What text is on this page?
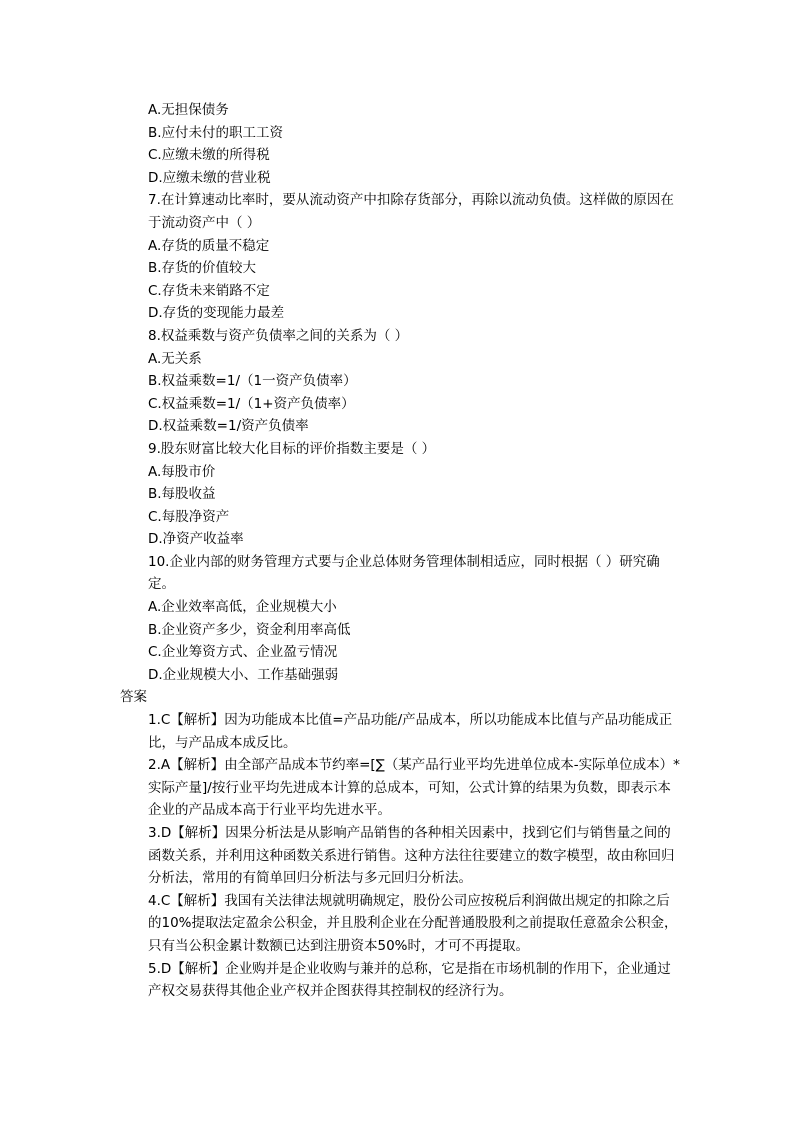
A.无担保债务
B.应付未付的职工工资
C.应缴未缴的所得税
D.应缴未缴的营业税
7.在计算速动比率时，要从流动资产中扣除存货部分，再除以流动负债。这样做的原因在于流动资产中（ ）
A.存货的质量不稳定
B.存货的价值较大
C.存货未来销路不定
D.存货的变现能力最差
8.权益乘数与资产负债率之间的关系为（ ）
A.无关系
B.权益乘数=1/（1一资产负债率）
C.权益乘数=1/（1+资产负债率）
D.权益乘数=1/资产负债率
9.股东财富比较大化目标的评价指数主要是（ ）
A.每股市价
B.每股收益
C.每股净资产
D.净资产收益率
10.企业内部的财务管理方式要与企业总体财务管理体制相适应，同时根据（ ）研究确定。
A.企业效率高低，企业规模大小
B.企业资产多少，资金利用率高低
C.企业筹资方式、企业盈亏情况
D.企业规模大小、工作基础强弱
答案
1.C【解析】因为功能成本比值=产品功能/产品成本，所以功能成本比值与产品功能成正比，与产品成本成反比。
2.A【解析】由全部产品成本节约率=[∑（某产品行业平均先进单位成本-实际单位成本）*实际产量]/按行业平均先进成本计算的总成本，可知，公式计算的结果为负数，即表示本企业的产品成本高于行业平均先进水平。
3.D【解析】因果分析法是从影响产品销售的各种相关因素中，找到它们与销售量之间的函数关系，并利用这种函数关系进行销售。这种方法往往要建立的数字模型，故由称回归分析法，常用的有简单回归分析法与多元回归分析法。
4.C【解析】我国有关法律法规就明确规定，股份公司应按税后利润做出规定的扣除之后的10%提取法定盈余公积金，并且股利企业在分配普通股股利之前提取任意盈余公积金，只有当公积金累计数额已达到注册资本50%时，才可不再提取。
5.D【解析】企业购并是企业收购与兼并的总称，它是指在市场机制的作用下，企业通过产权交易获得其他企业产权并企图获得其控制权的经济行为。
